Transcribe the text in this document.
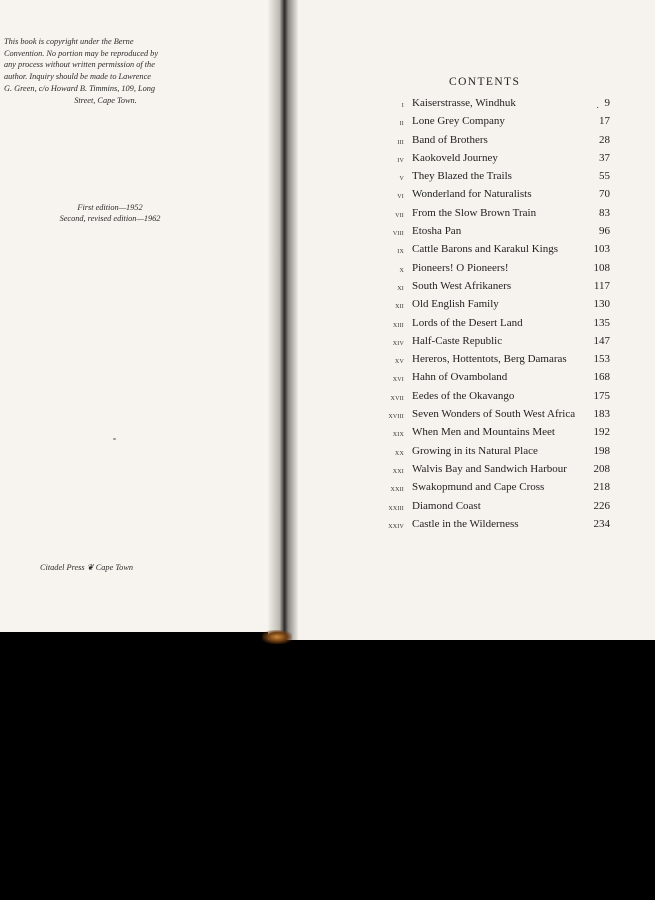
This book is copyright under the Berne
Convention. No portion may be reproduced by
any process without written permission of the
author. Inquiry should be made to Lawrence
G. Green, c/o Howard B. Timmins, 109, Long
Street, Cape Town.
First edition—1952
Second, revised edition—1962
Citadel Press ❦ Cape Town
CONTENTS
˙
i Kaiserstrasse, Windhuk	9
ii Lone Grey Company	17
iii Band of Brothers	28
iv Kaokoveld Journey	37
v They Blazed the Trails	55
vi Wonderland for Naturalists	70
vii From the Slow Brown Train	83
viii Etosha Pan	96
ix Cattle Barons and Karakul Kings	103
x Pioneers! O Pioneers!	108
xi South West Afrikaners	117
xii Old English Family	130
xiii Lords of the Desert Land	135
xiv Half-Caste Republic	147
xv Hereros, Hottentots, Berg Damaras 153
xvi Hahn of Ovamboland	168
xvii Eedes of the Okavango	175
xviii Seven Wonders of South West Africa 183
xix When Men and Mountains Meet	192
xx Growing in its Natural Place	198
xxi Walvis Bay and Sandwich Harbour 208
xxii Swakopmund and Cape Cross	218
xxiii Diamond Coast	226
xxiv Castle in the Wilderness	234
